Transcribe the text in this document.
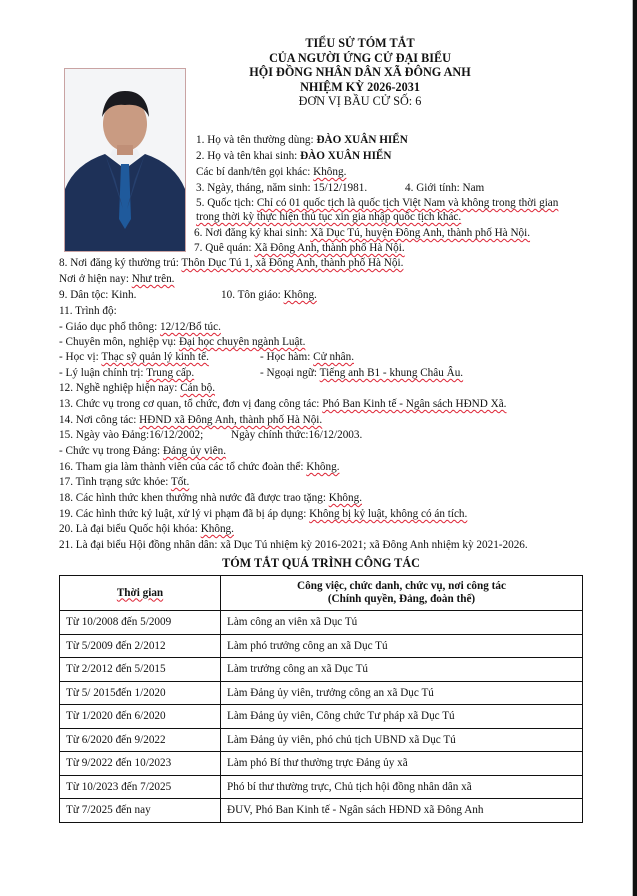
TIỂU SỬ TÓM TẮT
CỦA NGƯỜI ỨNG CỬ ĐẠI BIỂU
HỘI ĐỒNG NHÂN DÂN XÃ ĐÔNG ANH
NHIỆM KỲ 2026-2031
ĐƠN VỊ BẦU CỬ SỐ: 6
1. Họ và tên thường dùng: ĐÀO XUÂN HIỂN
2. Họ và tên khai sinh: ĐÀO XUÂN HIỂN
Các bí danh/tên gọi khác: Không.
3. Ngày, tháng, năm sinh: 15/12/1981.	4. Giới tính: Nam
5. Quốc tịch: Chỉ có 01 quốc tịch là quốc tịch Việt Nam và không trong thời gian
trong thời kỳ thực hiện thủ tục xin gia nhập quốc tịch khác.
6. Nơi đăng ký khai sinh: Xã Dục Tú, huyện Đông Anh, thành phố Hà Nội.
7. Quê quán: Xã Đông Anh, thành phố Hà Nội.
8. Nơi đăng ký thường trú: Thôn Dục Tú 1, xã Đông Anh, thành phố Hà Nội.
Nơi ở hiện nay: Như trên.
9. Dân tộc: Kinh.	10. Tôn giáo: Không.
11. Trình độ:
- Giáo dục phổ thông: 12/12/Bổ túc.
- Chuyên môn, nghiệp vụ: Đại học chuyên ngành Luật.
- Học vị: Thạc sỹ quản lý kinh tế.	- Học hàm: Cử nhân.
- Lý luận chính trị: Trung cấp.	- Ngoại ngữ: Tiếng anh B1 - khung Châu Âu.
12. Nghề nghiệp hiện nay: Cán bộ.
13. Chức vụ trong cơ quan, tổ chức, đơn vị đang công tác: Phó Ban Kinh tế - Ngân sách HĐND Xã.
14. Nơi công tác: HĐND xã Đông Anh, thành phố Hà Nội.
15. Ngày vào Đảng:16/12/2002; Ngày chính thức:16/12/2003.
- Chức vụ trong Đảng: Đảng ủy viên.
16. Tham gia làm thành viên của các tổ chức đoàn thể: Không.
17. Tình trạng sức khỏe: Tốt.
18. Các hình thức khen thưởng nhà nước đã được trao tặng: Không.
19. Các hình thức kỷ luật, xử lý vi phạm đã bị áp dụng: Không bị kỷ luật, không có án tích.
20. Là đại biểu Quốc hội khóa: Không.
21. Là đại biểu Hội đồng nhân dân: xã Dục Tú nhiệm kỳ 2016-2021; xã Đông Anh nhiệm kỳ 2021-2026.
TÓM TẮT QUÁ TRÌNH CÔNG TÁC
Thời gian	Công việc, chức danh, chức vụ, nơi công tác
(Chính quyền, Đảng, đoàn thể)

Từ 10/2008 đến 5/2009	Làm công an viên xã Dục Tú
Từ 5/2009 đến 2/2012	Làm phó trưởng công an xã Dục Tú
Từ 2/2012 đến 5/2015	Làm trưởng công an xã Dục Tú
Từ 5/ 2015đến 1/2020	Làm Đảng ủy viên, trưởng công an xã Dục Tú
Từ 1/2020 đến 6/2020	Làm Đảng ủy viên, Công chức Tư pháp xã Dục Tú
Từ 6/2020 đến 9/2022	Làm Đảng ủy viên, phó chủ tịch UBND xã Dục Tú
Từ 9/2022 đến 10/2023	Làm phó Bí thư thường trực Đảng ủy xã
Từ 10/2023 đến 7/2025	Phó bí thư thường trực, Chủ tịch hội đồng nhân dân xã
Từ 7/2025 đến nay	ĐUV, Phó Ban Kinh tế - Ngân sách HĐND xã Đông Anh
